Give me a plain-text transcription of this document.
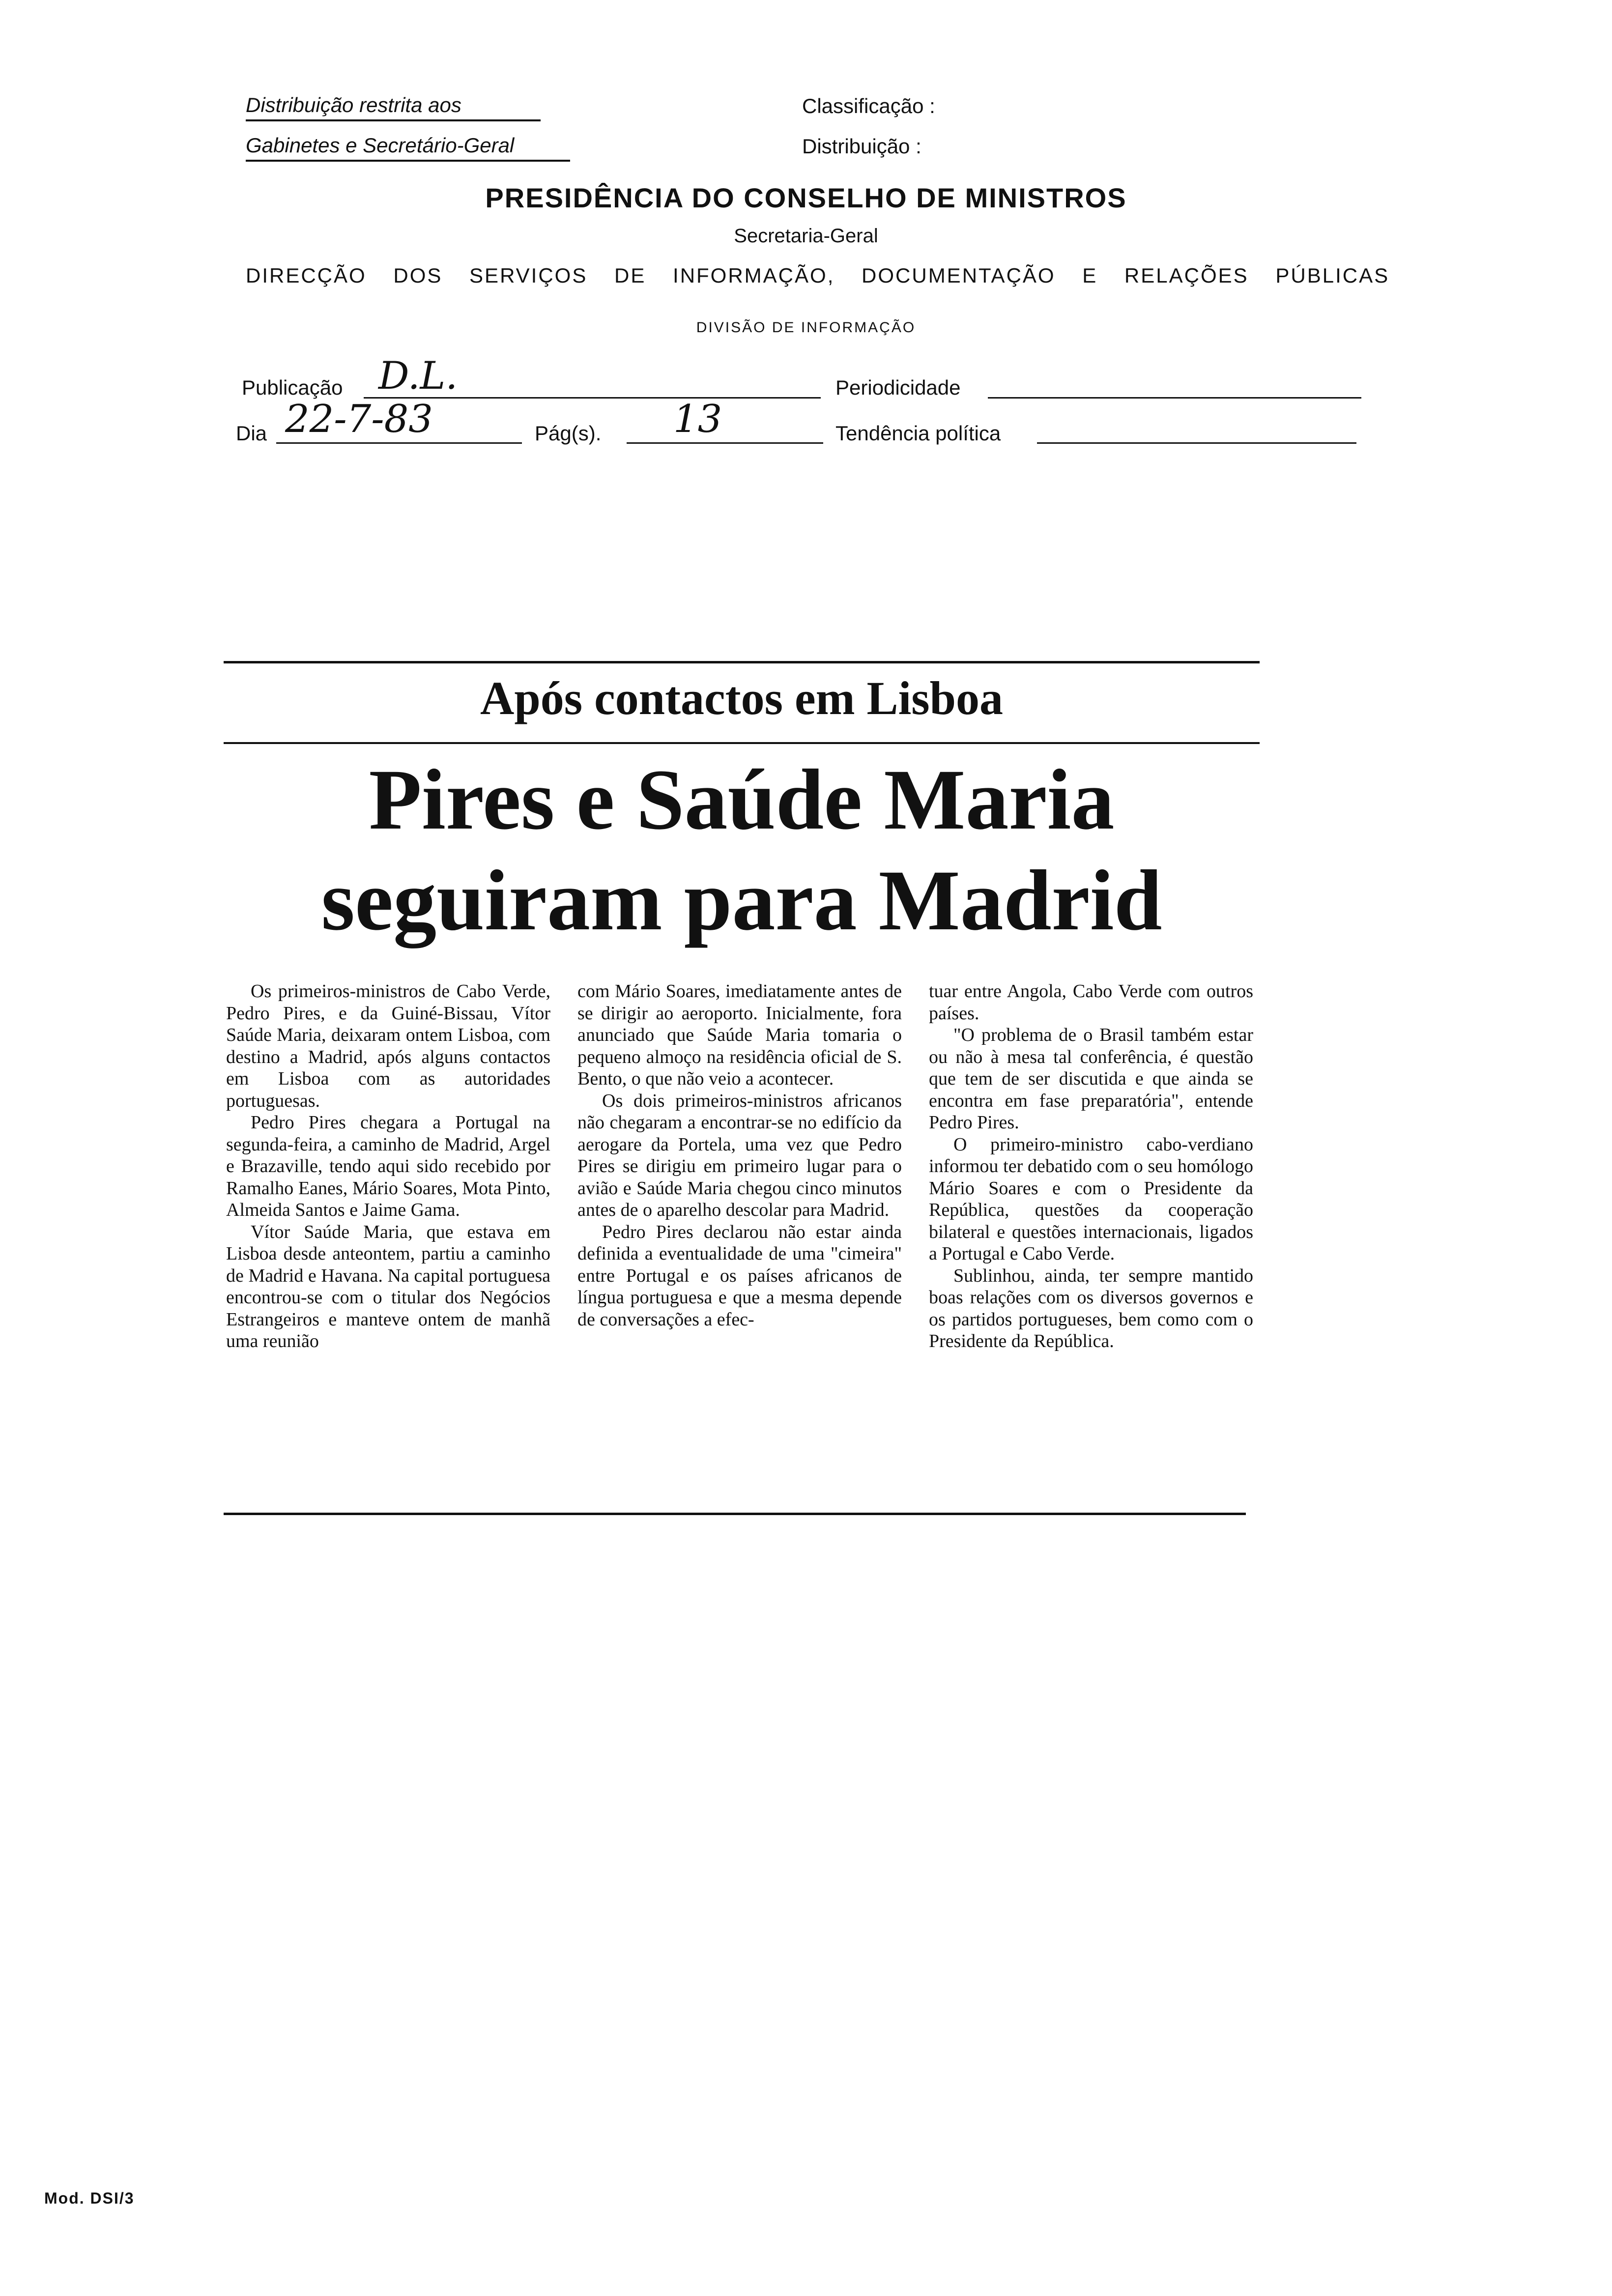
Distribuição restrita aos
Gabinetes e Secretário-Geral
Classificação :
Distribuição :
PRESIDÊNCIA DO CONSELHO DE MINISTROS
Secretaria-Geral
DIRECÇÃO DOS SERVIÇOS DE INFORMAÇÃO, DOCUMENTAÇÃO E RELAÇÕES PÚBLICAS
DIVISÃO DE INFORMAÇÃO
Publicação D.L.	Periodicidade
Dia 22-7-83	Pág(s). 13	Tendência política
Após contactos em Lisboa
Pires e Saúde Maria
seguiram para Madrid

Os primeiros-ministros de Cabo Verde, Pedro Pires, e da Guiné-Bissau, Vítor Saúde Maria, deixaram ontem Lisboa, com destino a Madrid, após alguns contactos em Lisboa com as autoridades portuguesas.

Pedro Pires chegara a Portugal na segunda-feira, a caminho de Madrid, Argel e Brazaville, tendo aqui sido recebido por Ramalho Eanes, Mário Soares, Mota Pinto, Almeida Santos e Jaime Gama.

Vítor Saúde Maria, que estava em Lisboa desde anteontem, partiu a caminho de Madrid e Havana. Na capital portuguesa encontrou-se com o titular dos Negócios Estrangeiros e manteve ontem de manhã uma reunião

com Mário Soares, imediatamente antes de se dirigir ao aeroporto. Inicialmente, fora anunciado que Saúde Maria tomaria o pequeno almoço na residência oficial de S. Bento, o que não veio a acontecer.

Os dois primeiros-ministros africanos não chegaram a encontrar-se no edifício da aerogare da Portela, uma vez que Pedro Pires se dirigiu em primeiro lugar para o avião e Saúde Maria chegou cinco minutos antes de o aparelho descolar para Madrid.

Pedro Pires declarou não estar ainda definida a eventualidade de uma "cimeira" entre Portugal e os países africanos de língua portuguesa e que a mesma depende de conversações a efec-

tuar entre Angola, Cabo Verde com outros países.

"O problema de o Brasil também estar ou não à mesa tal conferência, é questão que tem de ser discutida e que ainda se encontra em fase preparatória", entende Pedro Pires.

O primeiro-ministro cabo-verdiano informou ter debatido com o seu homólogo Mário Soares e com o Presidente da República, questões da cooperação bilateral e questões internacionais, ligados a Portugal e Cabo Verde.

Sublinhou, ainda, ter sempre mantido boas relações com os diversos governos e os partidos portugueses, bem como com o Presidente da República.

Mod. DSI/3
